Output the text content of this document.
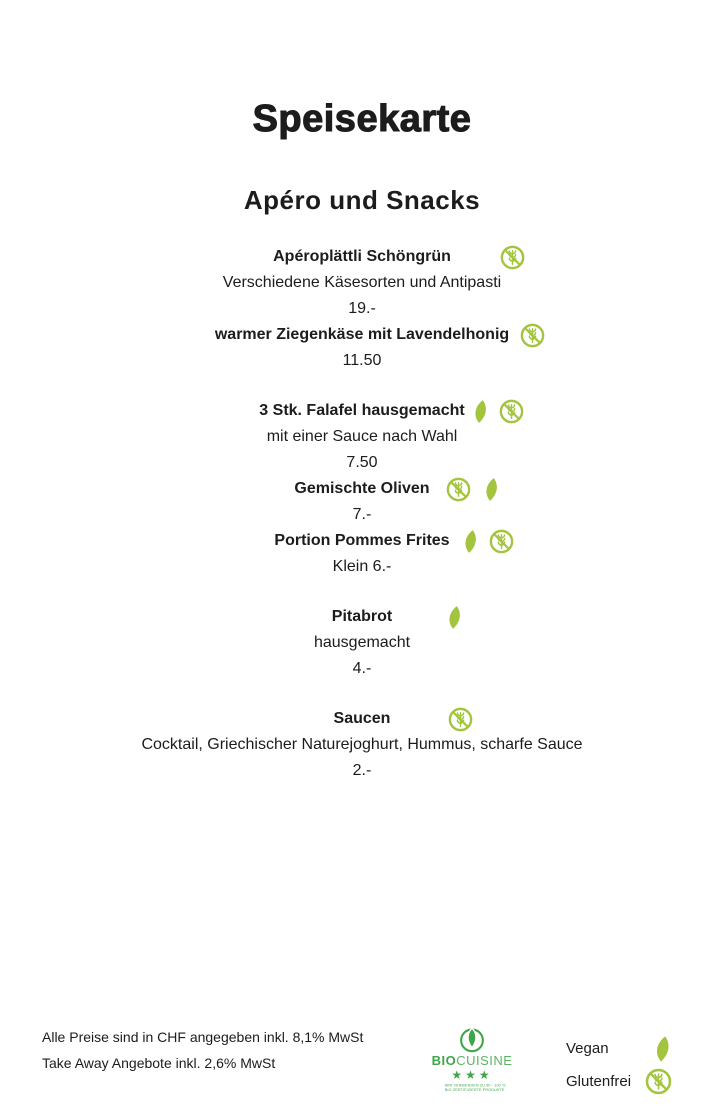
Speisekarte
Apéro und Snacks
Apéroplättli Schöngrün
Verschiedene Käsesorten und Antipasti
19.-
warmer Ziegenkäse mit Lavendelhonig
11.50
3 Stk. Falafel hausgemacht
mit einer Sauce nach Wahl
7.50
Gemischte Oliven
7.-
Portion Pommes Frites
Klein 6.-
Pitabrot
hausgemacht
4.-
Saucen
Cocktail, Griechischer Naturejoghurt, Hummus, scharfe Sauce
2.-
Alle Preise sind in CHF angegeben inkl. 8,1% MwSt
Take Away Angebote inkl. 2,6% MwSt	BIOCUISINE
★★★
WIR VERWENDEN ZU 90 - 100 %
BIO-ZERTIFIZIERTE PRODUKTE
Vegan
Glutenfrei
